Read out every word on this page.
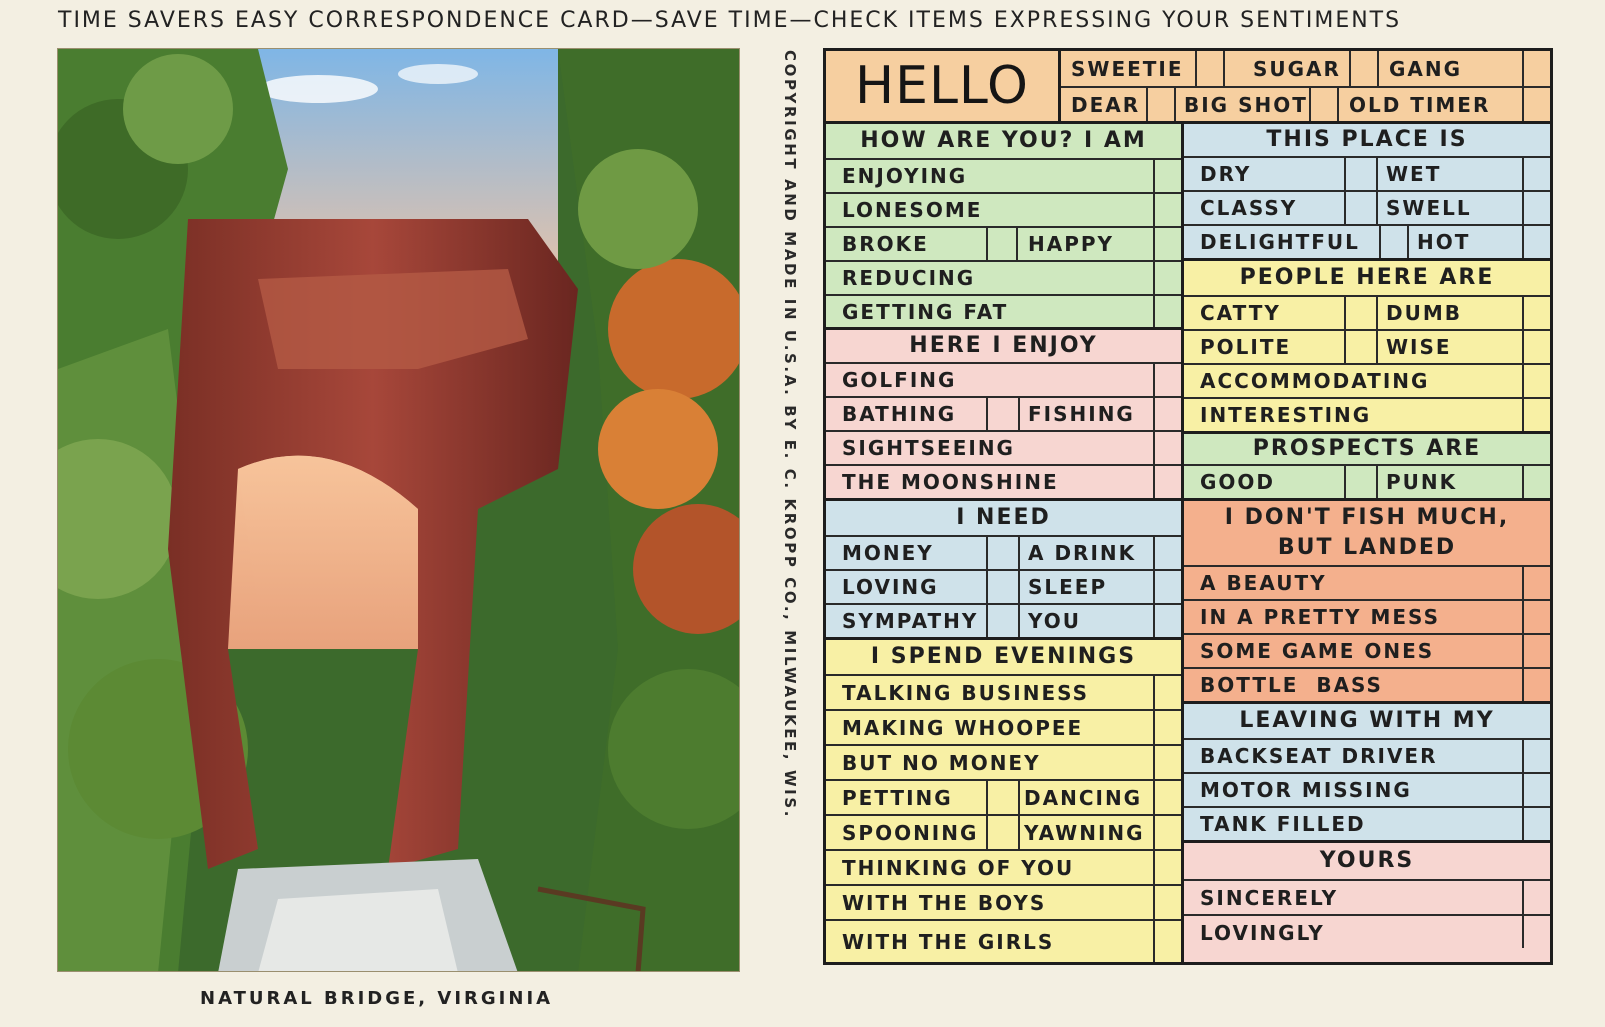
TIME SAVERS EASY CORRESPONDENCE CARD—SAVE TIME—CHECK ITEMS EXPRESSING YOUR SENTIMENTS
NATURAL BRIDGE, VIRGINIA
COPYRIGHT AND MADE IN U.S.A. BY E. C. KROPP CO., MILWAUKEE, WIS.	HELLO	SWEETIE	SUGAR	GANG
DEAR	BIG SHOT	OLD TIMER
HOW ARE YOU? I AM
ENJOYING
LONESOME
BROKE	HAPPY
REDUCING
GETTING FAT
THIS PLACE IS
DRY	WET
CLASSY	SWELL
DELIGHTFUL	HOT
PEOPLE HERE ARE
CATTY	DUMB
POLITE	WISE
ACCOMMODATING
INTERESTING
HERE I ENJOY
GOLFING
BATHING	FISHING
SIGHTSEEING
THE MOONSHINE
PROSPECTS ARE
GOOD	PUNK
I NEED
MONEY	A DRINK
LOVING	SLEEP
SYMPATHY	YOU
I DON'T FISH MUCH, BUT LANDED
A BEAUTY
IN A PRETTY MESS
SOME GAME ONES
BOTTLE  BASS
I SPEND EVENINGS
TALKING BUSINESS
MAKING WHOOPEE
BUT NO MONEY
PETTING	DANCING
SPOONING	YAWNING
THINKING OF YOU
WITH THE BOYS
WITH THE GIRLS
LEAVING WITH MY
BACKSEAT DRIVER
MOTOR MISSING
TANK FILLED
YOURS
SINCERELY
LOVINGLY
